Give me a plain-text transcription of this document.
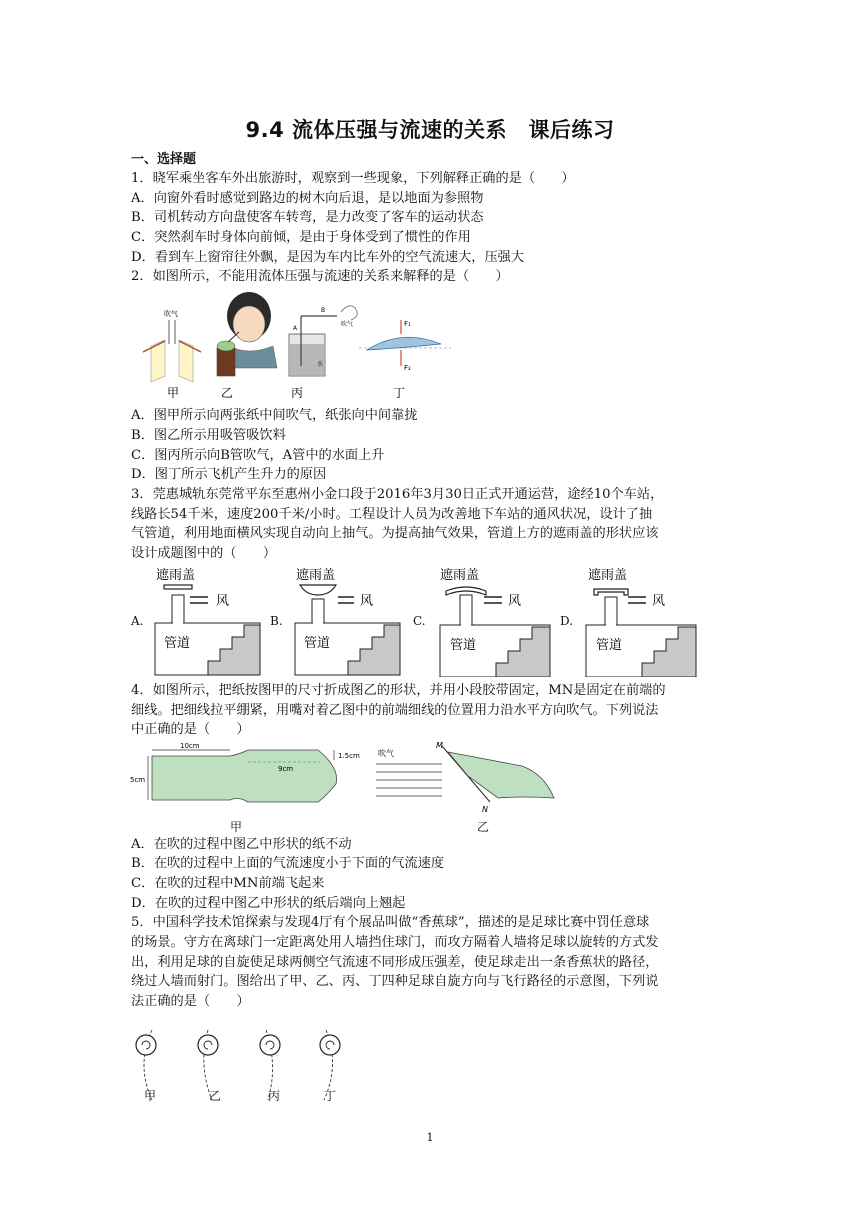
9.4 流体压强与流速的关系　课后练习
一、选择题
1．晓军乘坐客车外出旅游时，观察到一些现象，下列解释正确的是（　　）
A．向窗外看时感觉到路边的树木向后退，是以地面为参照物
B．司机转动方向盘使客车转弯，是力改变了客车的运动状态
C．突然刹车时身体向前倾，是由于身体受到了惯性的作用
D．看到车上窗帘往外飘，是因为车内比车外的空气流速大，压强大
2．如图所示，不能用流体压强与流速的关系来解释的是（　　）
吹气
A
B
吹气
水
F₁
F₂
甲	乙	丙	丁
A．图甲所示向两张纸中间吹气，纸张向中间靠拢
B．图乙所示用吸管吸饮料
C．图丙所示向B管吹气，A管中的水面上升
D．图丁所示飞机产生升力的原因
3．莞惠城轨东莞常平东至惠州小金口段于2016年3月30日正式开通运营，途经10个车站，
线路长54千米，速度200千米/小时。工程设计人员为改善地下车站的通风状况，设计了抽
气管道，利用地面横风实现自动向上抽气。为提高抽气效果，管道上方的遮雨盖的形状应该
设计成题图中的（　　）
A.	B.	C.	D.
遮雨盖
风
管道
遮雨盖
风
管道
遮雨盖
风
管道
遮雨盖
风
管道
4．如图所示，把纸按图甲的尺寸折成图乙的形状，并用小段胶带固定，MN是固定在前端的
细线。把细线拉平绷紧，用嘴对着乙图中的前端细线的位置用力沿水平方向吹气。下列说法
中正确的是（　　）
10cm
5cm
9cm
1.5cm
甲
吹气
M
N
乙
A．在吹的过程中图乙中形状的纸不动
B．在吹的过程中上面的气流速度小于下面的气流速度
C．在吹的过程中MN前端飞起来
D．在吹的过程中图乙中形状的纸后端向上翘起
5．中国科学技术馆探索与发现4厅有个展品叫做“香蕉球”，描述的是足球比赛中罚任意球
的场景。守方在离球门一定距离处用人墙挡住球门，而攻方隔着人墙将足球以旋转的方式发
出，利用足球的自旋使足球两侧空气流速不同形成压强差，使足球走出一条香蕉状的路径，
绕过人墙而射门。图给出了甲、乙、丙、丁四种足球自旋方向与飞行路径的示意图，下列说
法正确的是（　　）
甲	乙	丙	丁
1
